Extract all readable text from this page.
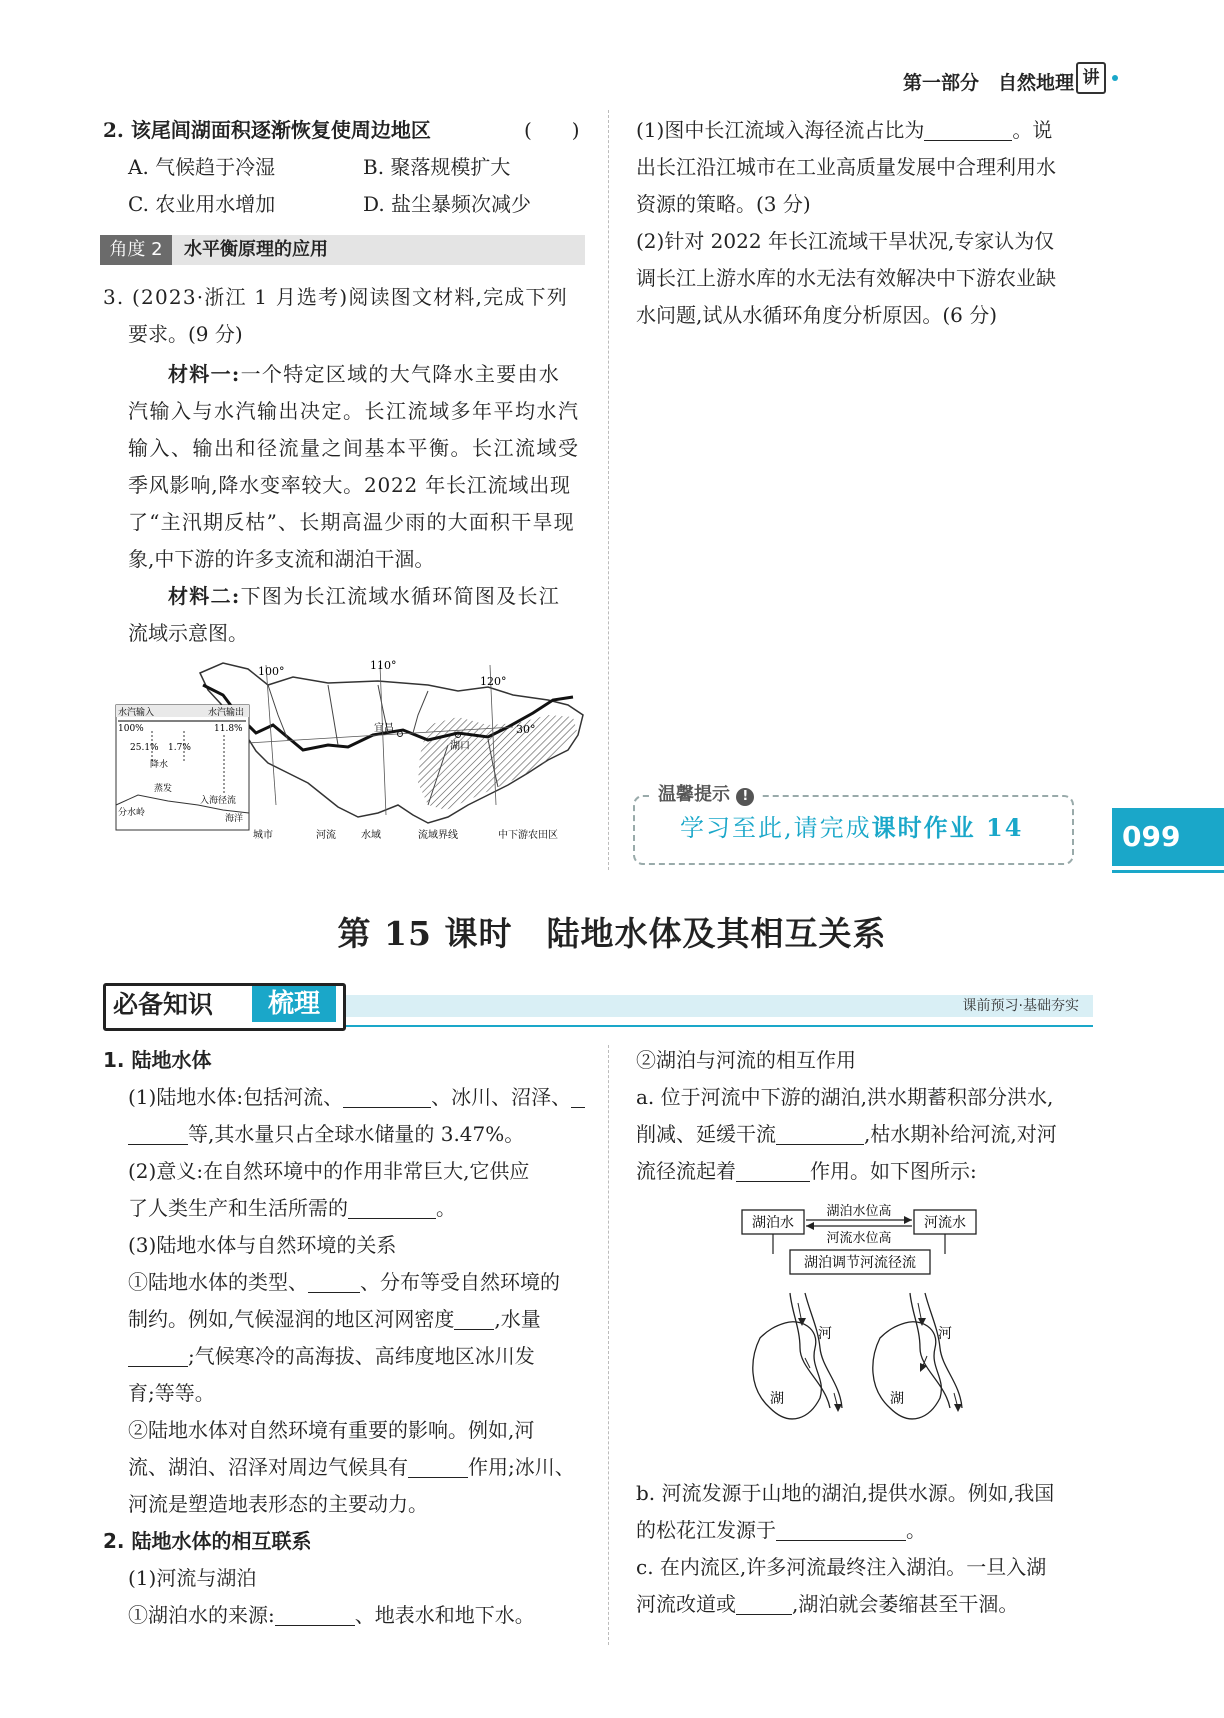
第一部分　自然地理 讲
2. 该尾闾湖面积逐渐恢复使周边地区	(　　)
A. 气候趋于冷湿	B. 聚落规模扩大
C. 农业用水增加	D. 盐尘暴频次减少
角度 2	水平衡原理的应用
3. (2023·浙江 1 月选考)阅读图文材料,完成下列
要求。(9 分)
材料一:一个特定区域的大气降水主要由水
汽输入与水汽输出决定。长江流域多年平均水汽
输入、输出和径流量之间基本平衡。长江流域受
季风影响,降水变率较大。2022 年长江流域出现
了“主汛期反枯”、长期高温少雨的大面积干旱现
象,中下游的许多支流和湖泊干涸。
材料二:下图为长江流域水循环简图及长江
流域示意图。
100°	110°
120°
30°
宜昌
湖口
水汽输入	水汽输出
100%	11.8%
25.1% 1.7%
降水
蒸发
入海径流
海洋
分水岭
城市	河流	水域	流域界线	中下游农田区
(1)图中长江流域入海径流占比为	。说
出长江沿江城市在工业高质量发展中合理利用水
资源的策略。(3 分)
(2)针对 2022 年长江流域干旱状况,专家认为仅
调长江上游水库的水无法有效解决中下游农业缺
水问题,试从水循环角度分析原因。(6 分)
温馨提示 !
学习至此,请完成课时作业 14	099
第 15 课时　陆地水体及其相互关系
必备知识	梳理	课前预习·基础夯实
1. 陆地水体
(1)陆地水体:包括河流、	、冰川、沼泽、
等,其水量只占全球水储量的 3.47%。
(2)意义:在自然环境中的作用非常巨大,它供应
了人类生产和生活所需的	。
(3)陆地水体与自然环境的关系
①陆地水体的类型、	、分布等受自然环境的
制约。例如,气候湿润的地区河网密度 ,水量
;气候寒冷的高海拔、高纬度地区冰川发
育;等等。
②陆地水体对自然环境有重要的影响。例如,河
流、湖泊、沼泽对周边气候具有	作用;冰川、
河流是塑造地表形态的主要动力。
2. 陆地水体的相互联系
(1)河流与湖泊
①湖泊水的来源:	、地表水和地下水。
②湖泊与河流的相互作用
a. 位于河流中下游的湖泊,洪水期蓄积部分洪水,
削减、延缓干流	,枯水期补给河流,对河
流径流起着	作用。如下图所示:
湖泊水	河流水
湖泊水位高
河流水位高
湖泊调节河流径流
河
湖
河
湖
b. 河流发源于山地的湖泊,提供水源。例如,我国
的松花江发源于	。
c. 在内流区,许多河流最终注入湖泊。一旦入湖
河流改道或	,湖泊就会萎缩甚至干涸。
